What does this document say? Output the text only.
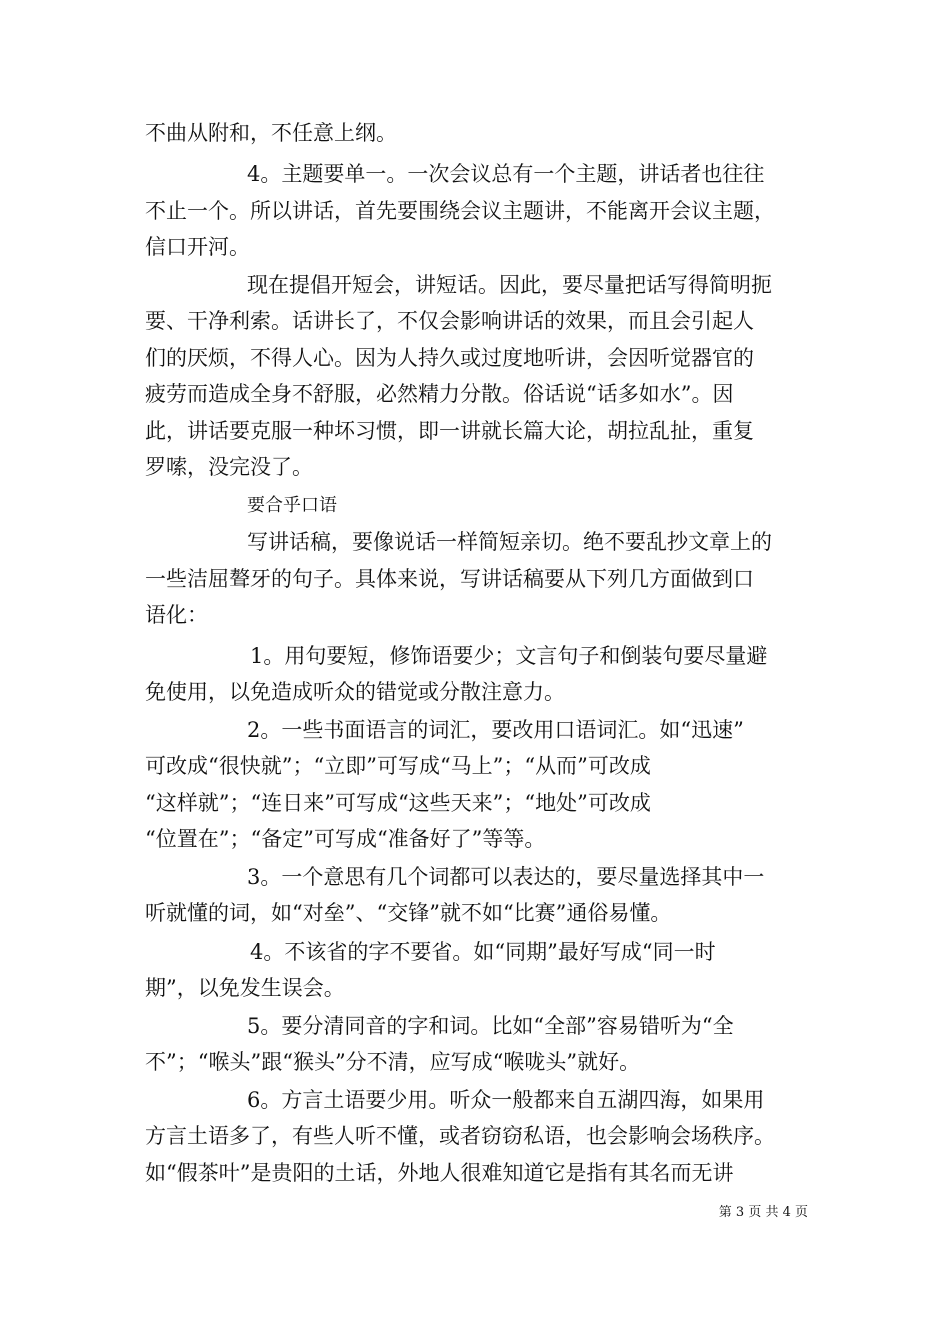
不曲从附和，不任意上纲。
4。主题要单一。一次会议总有一个主题，讲话者也往往
不止一个。所以讲话，首先要围绕会议主题讲，不能离开会议主题，
信口开河。
现在提倡开短会，讲短话。因此，要尽量把话写得简明扼
要、干净利索。话讲长了，不仅会影响讲话的效果，而且会引起人
们的厌烦，不得人心。因为人持久或过度地听讲，会因听觉器官的
疲劳而造成全身不舒服，必然精力分散。俗话说“话多如水”。因
此，讲话要克服一种坏习惯，即一讲就长篇大论，胡拉乱扯，重复
罗嗦，没完没了。
要合乎口语
写讲话稿，要像说话一样简短亲切。绝不要乱抄文章上的
一些洁屈聱牙的句子。具体来说，写讲话稿要从下列几方面做到口
语化：
1。用句要短，修饰语要少；文言句子和倒装句要尽量避
免使用，以免造成听众的错觉或分散注意力。
2。一些书面语言的词汇，要改用口语词汇。如“迅速”
可改成“很快就”；“立即”可写成“马上”；“从而”可改成
“这样就”；“连日来”可写成“这些天来”；“地处”可改成
“位置在”；“备定”可写成“准备好了”等等。
3。一个意思有几个词都可以表达的，要尽量选择其中一
听就懂的词，如“对垒”、“交锋”就不如“比赛”通俗易懂。
4。不该省的字不要省。如“同期”最好写成“同一时
期”，以免发生误会。
5。要分清同音的字和词。比如“全部”容易错听为“全
不”；“喉头”跟“猴头”分不清，应写成“喉咙头”就好。
6。方言土语要少用。听众一般都来自五湖四海，如果用
方言土语多了，有些人听不懂，或者窃窃私语，也会影响会场秩序。
如“假茶叶”是贵阳的土话，外地人很难知道它是指有其名而无讲
第 3 页 共 4 页
